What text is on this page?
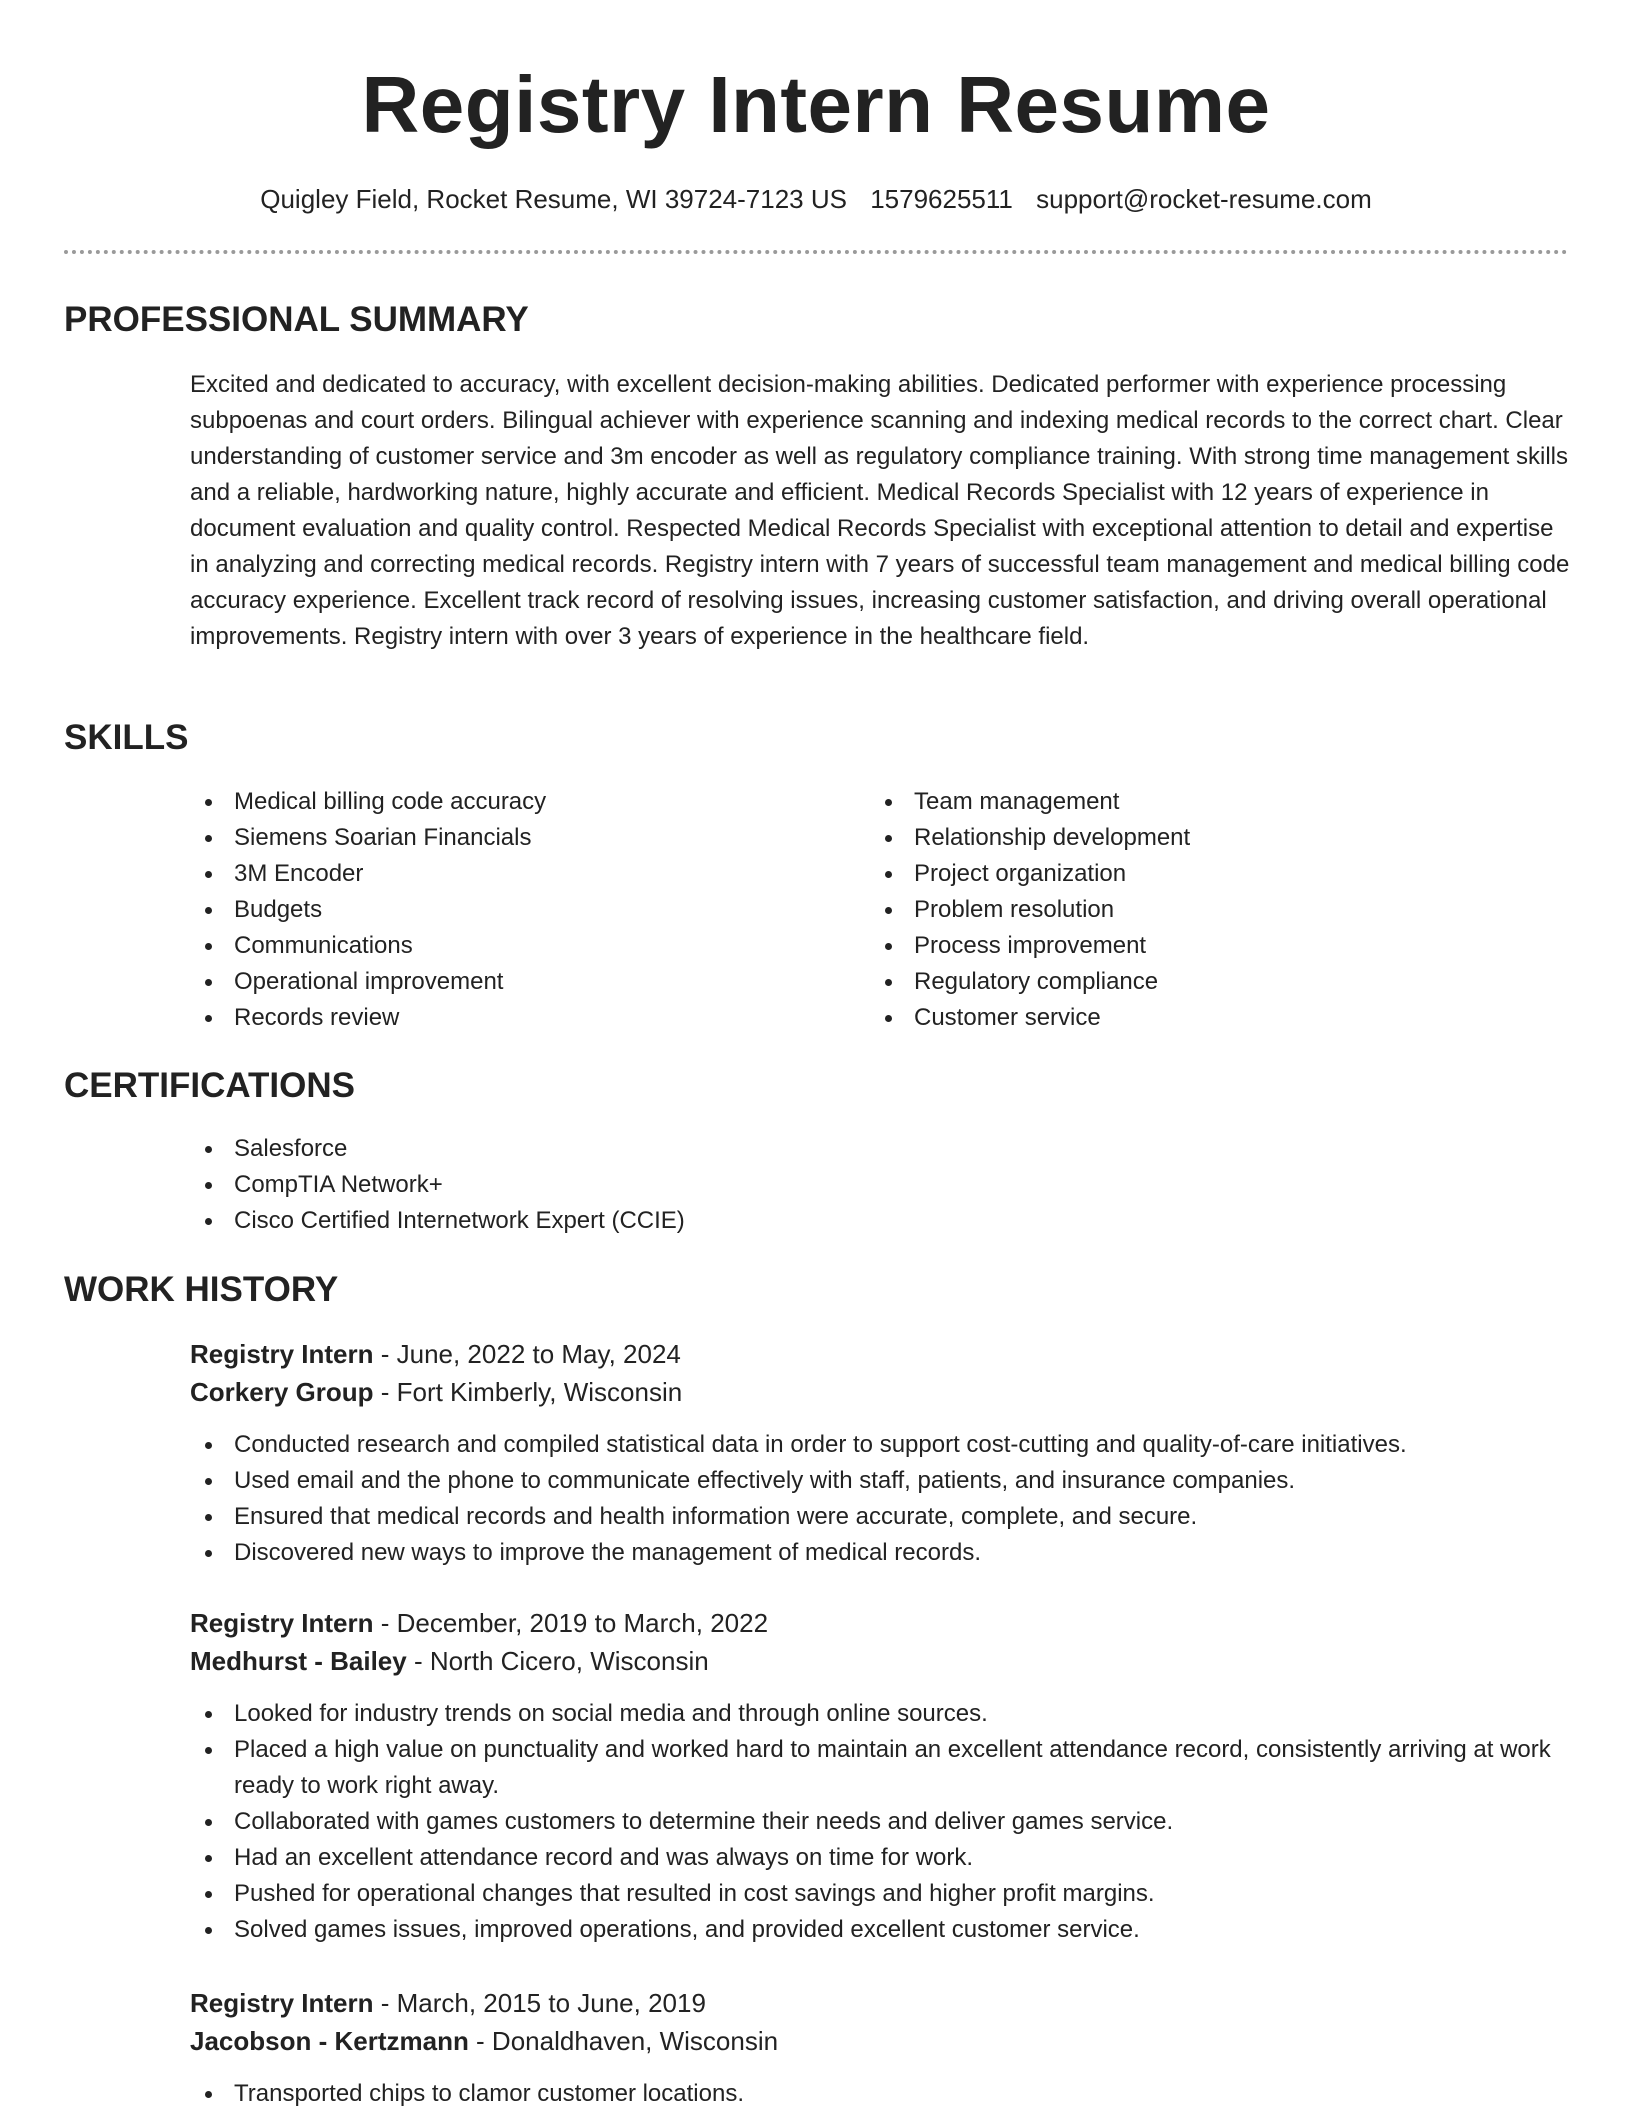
Registry Intern Resume
Quigley Field, Rocket Resume, WI 39724-7123 US 1579625511 support@rocket-resume.com
PROFESSIONAL SUMMARY

Excited and dedicated to accuracy, with excellent decision-making abilities. Dedicated performer with experience processing subpoenas and court orders. Bilingual achiever with experience scanning and indexing medical records to the correct chart. Clear understanding of customer service and 3m encoder as well as regulatory compliance training. With strong time management skills and a reliable, hardworking nature, highly accurate and efficient. Medical Records Specialist with 12 years of experience in document evaluation and quality control. Respected Medical Records Specialist with exceptional attention to detail and expertise in analyzing and correcting medical records. Registry intern with 7 years of successful team management and medical billing code accuracy experience. Excellent track record of resolving issues, increasing customer satisfaction, and driving overall operational improvements. Registry intern with over 3 years of experience in the healthcare field.

SKILLS
Medical billing code accuracy
Siemens Soarian Financials
3M Encoder
Budgets
Communications
Operational improvement
Records review
Team management
Relationship development
Project organization
Problem resolution
Process improvement
Regulatory compliance
Customer service
CERTIFICATIONS
Salesforce
CompTIA Network+
Cisco Certified Internetwork Expert (CCIE)
WORK HISTORY

Registry Intern - June, 2022 to May, 2024

Corkery Group - Fort Kimberly, Wisconsin

Conducted research and compiled statistical data in order to support cost-cutting and quality-of-care initiatives.
Used email and the phone to communicate effectively with staff, patients, and insurance companies.
Ensured that medical records and health information were accurate, complete, and secure.
Discovered new ways to improve the management of medical records.

Registry Intern - December, 2019 to March, 2022

Medhurst - Bailey - North Cicero, Wisconsin

Looked for industry trends on social media and through online sources.
Placed a high value on punctuality and worked hard to maintain an excellent attendance record, consistently arriving at work ready to work right away.
Collaborated with games customers to determine their needs and deliver games service.
Had an excellent attendance record and was always on time for work.
Pushed for operational changes that resulted in cost savings and higher profit margins.
Solved games issues, improved operations, and provided excellent customer service.

Registry Intern - March, 2015 to June, 2019

Jacobson - Kertzmann - Donaldhaven, Wisconsin

Transported chips to clamor customer locations.
